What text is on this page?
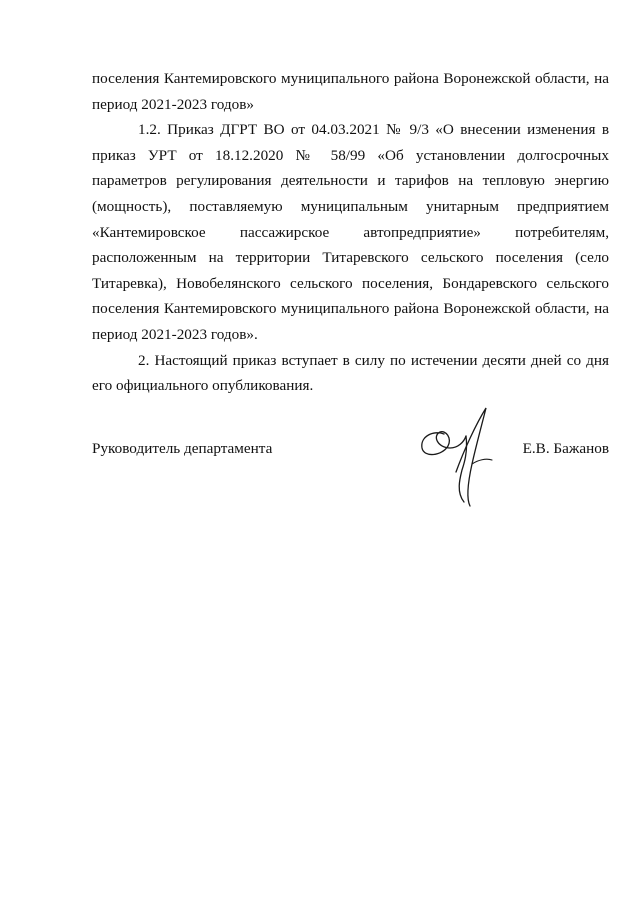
поселения Кантемировского муниципального района Воронежской области, на период 2021-2023 годов»

1.2. Приказ ДГРТ ВО от 04.03.2021 № 9/3 «О внесении изменения в приказ УРТ от 18.12.2020 № 58/99 «Об установлении долгосрочных параметров регулирования деятельности и тарифов на тепловую энергию (мощность), поставляемую муниципальным унитарным предприятием «Кантемировское пассажирское автопредприятие» потребителям, расположенным на территории Титаревского сельского поселения (село Титаревка), Новобелянского сельского поселения, Бондаревского сельского поселения Кантемировского муниципального района Воронежской области, на период 2021-2023 годов».

2. Настоящий приказ вступает в силу по истечении десяти дней со дня его официального опубликования.

Руководитель департамента	Е.В. Бажанов
